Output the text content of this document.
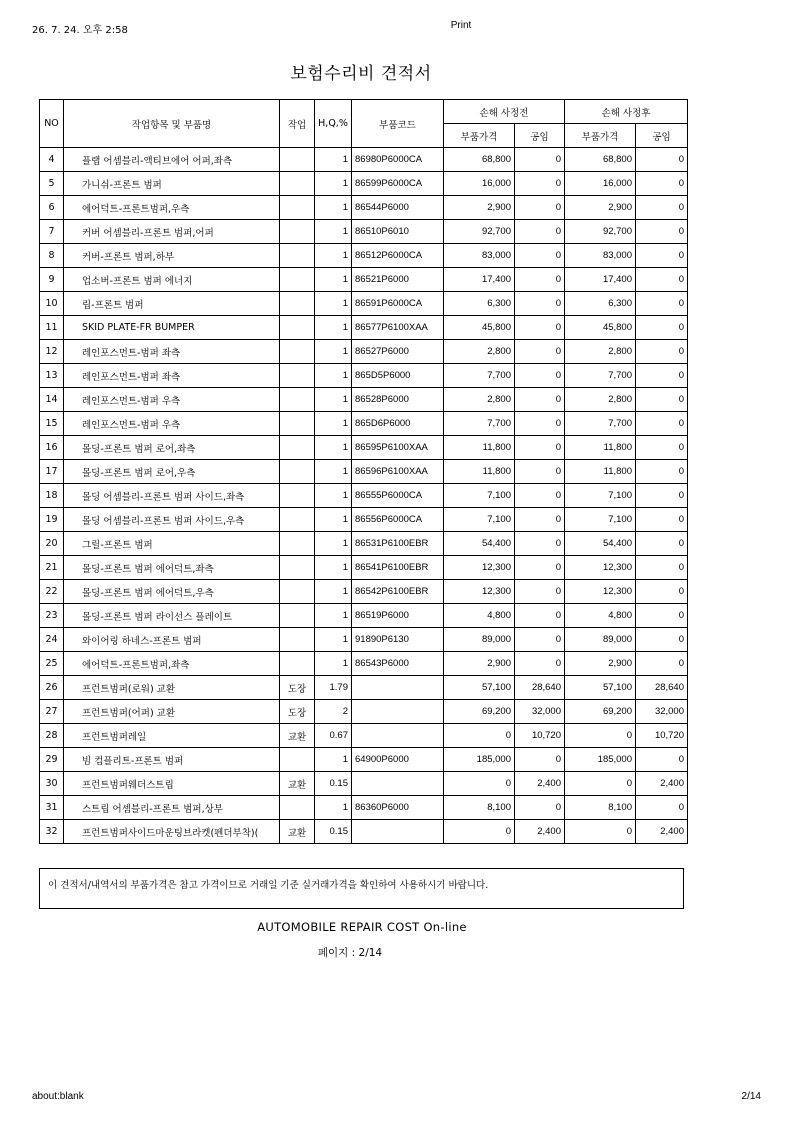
26. 7. 24. 오후 2:58	Print
보험수리비 견적서
NO	작업항목 및 부품명	작업	H,Q,%	부품코드	손해 사정전		손해 사정후	
					부품가격	공임	부품가격	공임
4	플랩 어셈블리-액티브에어 어퍼,좌측		1	86980P6000CA	68,800	0	68,800	0
5	가니쉬-프론트 범퍼		1	86599P6000CA	16,000	0	16,000	0
6	에어덕트-프론트범퍼,우측		1	86544P6000	2,900	0	2,900	0
7	커버 어셈블리-프론트 범퍼,어퍼		1	86510P6010	92,700	0	92,700	0
8	커버-프론트 범퍼,하부		1	86512P6000CA	83,000	0	83,000	0
9	업소버-프론트 범퍼 에너지		1	86521P6000	17,400	0	17,400	0
10	립-프론트 범퍼		1	86591P6000CA	6,300	0	6,300	0
11	SKID PLATE-FR BUMPER		1	86577P6100XAA	45,800	0	45,800	0
12	레인포스먼트-범퍼 좌측		1	86527P6000	2,800	0	2,800	0
13	레인포스먼트-범퍼 좌측		1	865D5P6000	7,700	0	7,700	0
14	레인포스먼트-범퍼 우측		1	86528P6000	2,800	0	2,800	0
15	레인포스먼트-범퍼 우측		1	865D6P6000	7,700	0	7,700	0
16	몰딩-프론트 범퍼 로어,좌측		1	86595P6100XAA	11,800	0	11,800	0
17	몰딩-프론트 범퍼 로어,우측		1	86596P6100XAA	11,800	0	11,800	0
18	몰딩 어셈블리-프론트 범퍼 사이드,좌측		1	86555P6000CA	7,100	0	7,100	0
19	몰딩 어셈블리-프론트 범퍼 사이드,우측		1	86556P6000CA	7,100	0	7,100	0
20	그릴-프론트 범퍼		1	86531P6100EBR	54,400	0	54,400	0
21	몰딩-프론트 범퍼 에어덕트,좌측		1	86541P6100EBR	12,300	0	12,300	0
22	몰딩-프론트 범퍼 에어덕트,우측		1	86542P6100EBR	12,300	0	12,300	0
23	몰딩-프론트 범퍼 라이선스 플레이트		1	86519P6000	4,800	0	4,800	0
24	와이어링 하네스-프론트 범퍼		1	91890P6130	89,000	0	89,000	0
25	에어덕트-프론트범퍼,좌측		1	86543P6000	2,900	0	2,900	0
26	프런트범퍼(로워) 교환	도장	1.79		57,100	28,640	57,100	28,640
27	프런트범퍼(어퍼) 교환	도장	2		69,200	32,000	69,200	32,000
28	프런트범퍼레일	교환	0.67		0	10,720	0	10,720
29	빔 컴플리트-프론트 범퍼		1	64900P6000	185,000	0	185,000	0
30	프런트범퍼웨더스트립	교환	0.15		0	2,400	0	2,400
31	스트립 어셈블리-프론트 범퍼,상부		1	86360P6000	8,100	0	8,100	0
32	프런트범퍼사이드마운팅브라켓(펜더부착)(	교환	0.15		0	2,400	0	2,400
이 견적서/내역서의 부품가격은 참고 가격이므로 거래일 기준 실거래가격을 확인하여 사용하시기 바랍니다.
AUTOMOBILE REPAIR COST On-line
페이지 : 2/14
about:blank	2/14
